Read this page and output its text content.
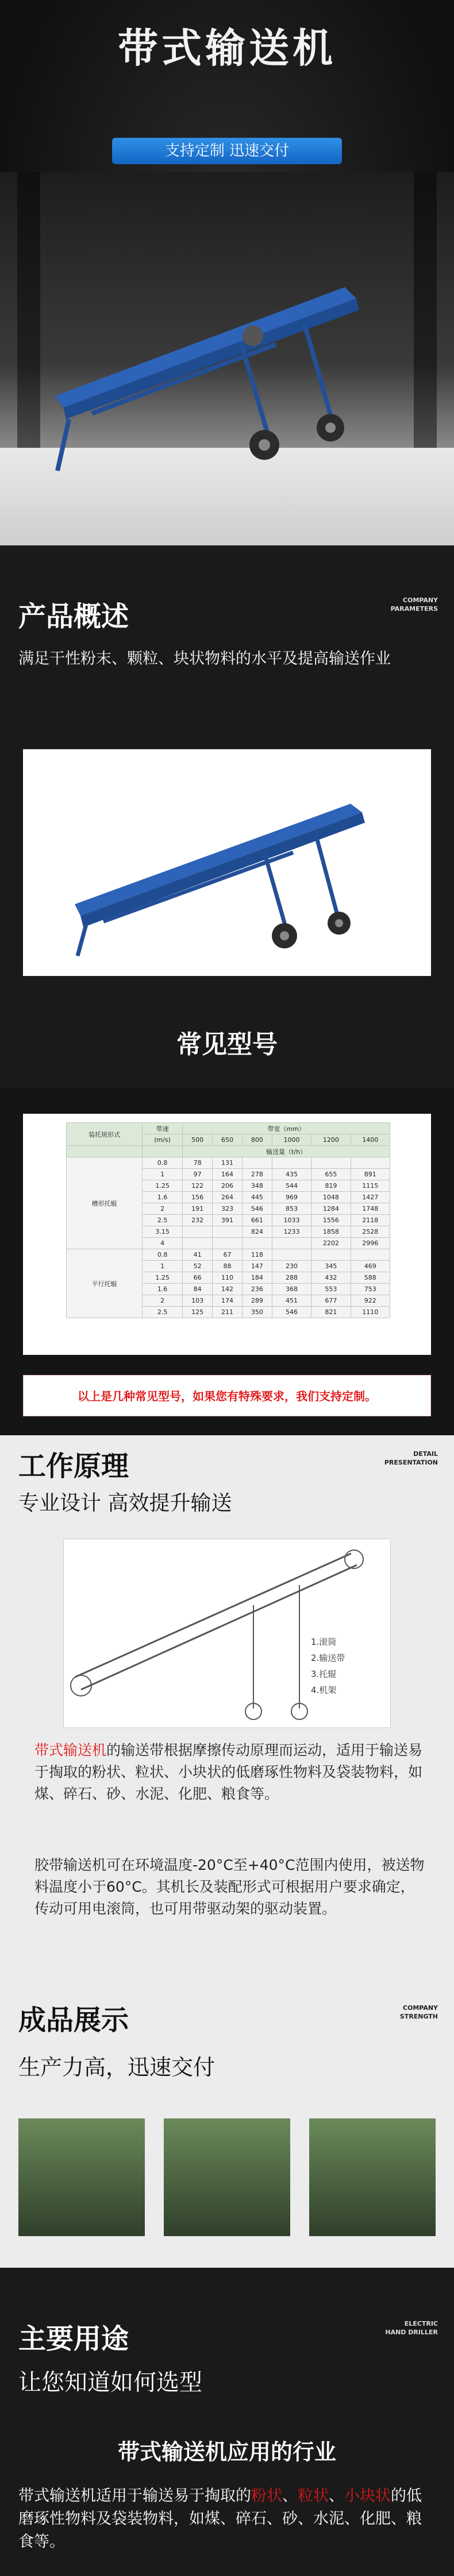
带式输送机
支持定制 迅速交付
产品概述
COMPANY
PARAMETERS

满足干性粉末、颗粒、块状物料的水平及提高输送作业

常见型号
装托规形式	带速	带宽（mm）					
	(m/s)	500	650	800	1000	1200	1400
		输送量（t/h）					
槽形托辊	0.8	78	131				
	1	97	164	278	435	655	891
	1.25	122	206	348	544	819	1115
	1.6	156	264	445	969	1048	1427
	2	191	323	546	853	1284	1748
	2.5	232	391	661	1033	1556	2118
	3.15			824	1233	1858	2528
	4					2202	2996
平行托辊	0.8	41	67	118			
	1	52	88	147	230	345	469
	1.25	66	110	184	288	432	588
	1.6	84	142	236	368	553	753
	2	103	174	289	451	677	922
	2.5	125	211	350	546	821	1110
以上是几种常见型号，如果您有特殊要求，我们支持定制。
工作原理	DETAIL
PRESENTATION

专业设计 高效提升输送

1.滚筒
2.输送带
3.托辊
4.机架

带式输送机的输送带根据摩擦传动原理而运动，适用于输送易于掏取的粉状、粒状、小块状的低磨琢性物料及袋装物料，如煤、碎石、砂、水泥、化肥、粮食等。

胶带输送机可在环境温度-20°C至+40°C范围内使用，被送物料温度小于60°C。其机长及装配形式可根据用户要求确定，传动可用电滚筒，也可用带驱动架的驱动装置。

成品展示	COMPANY
STRENGTH

生产力高，迅速交付

主要用途	ELECTRIC
HAND DRILLER

让您知道如何选型

带式输送机应用的行业

带式输送机适用于输送易于掏取的粉状、粒状、小块状的低磨琢性物料及袋装物料，如煤、碎石、砂、水泥、化肥、粮食等。
